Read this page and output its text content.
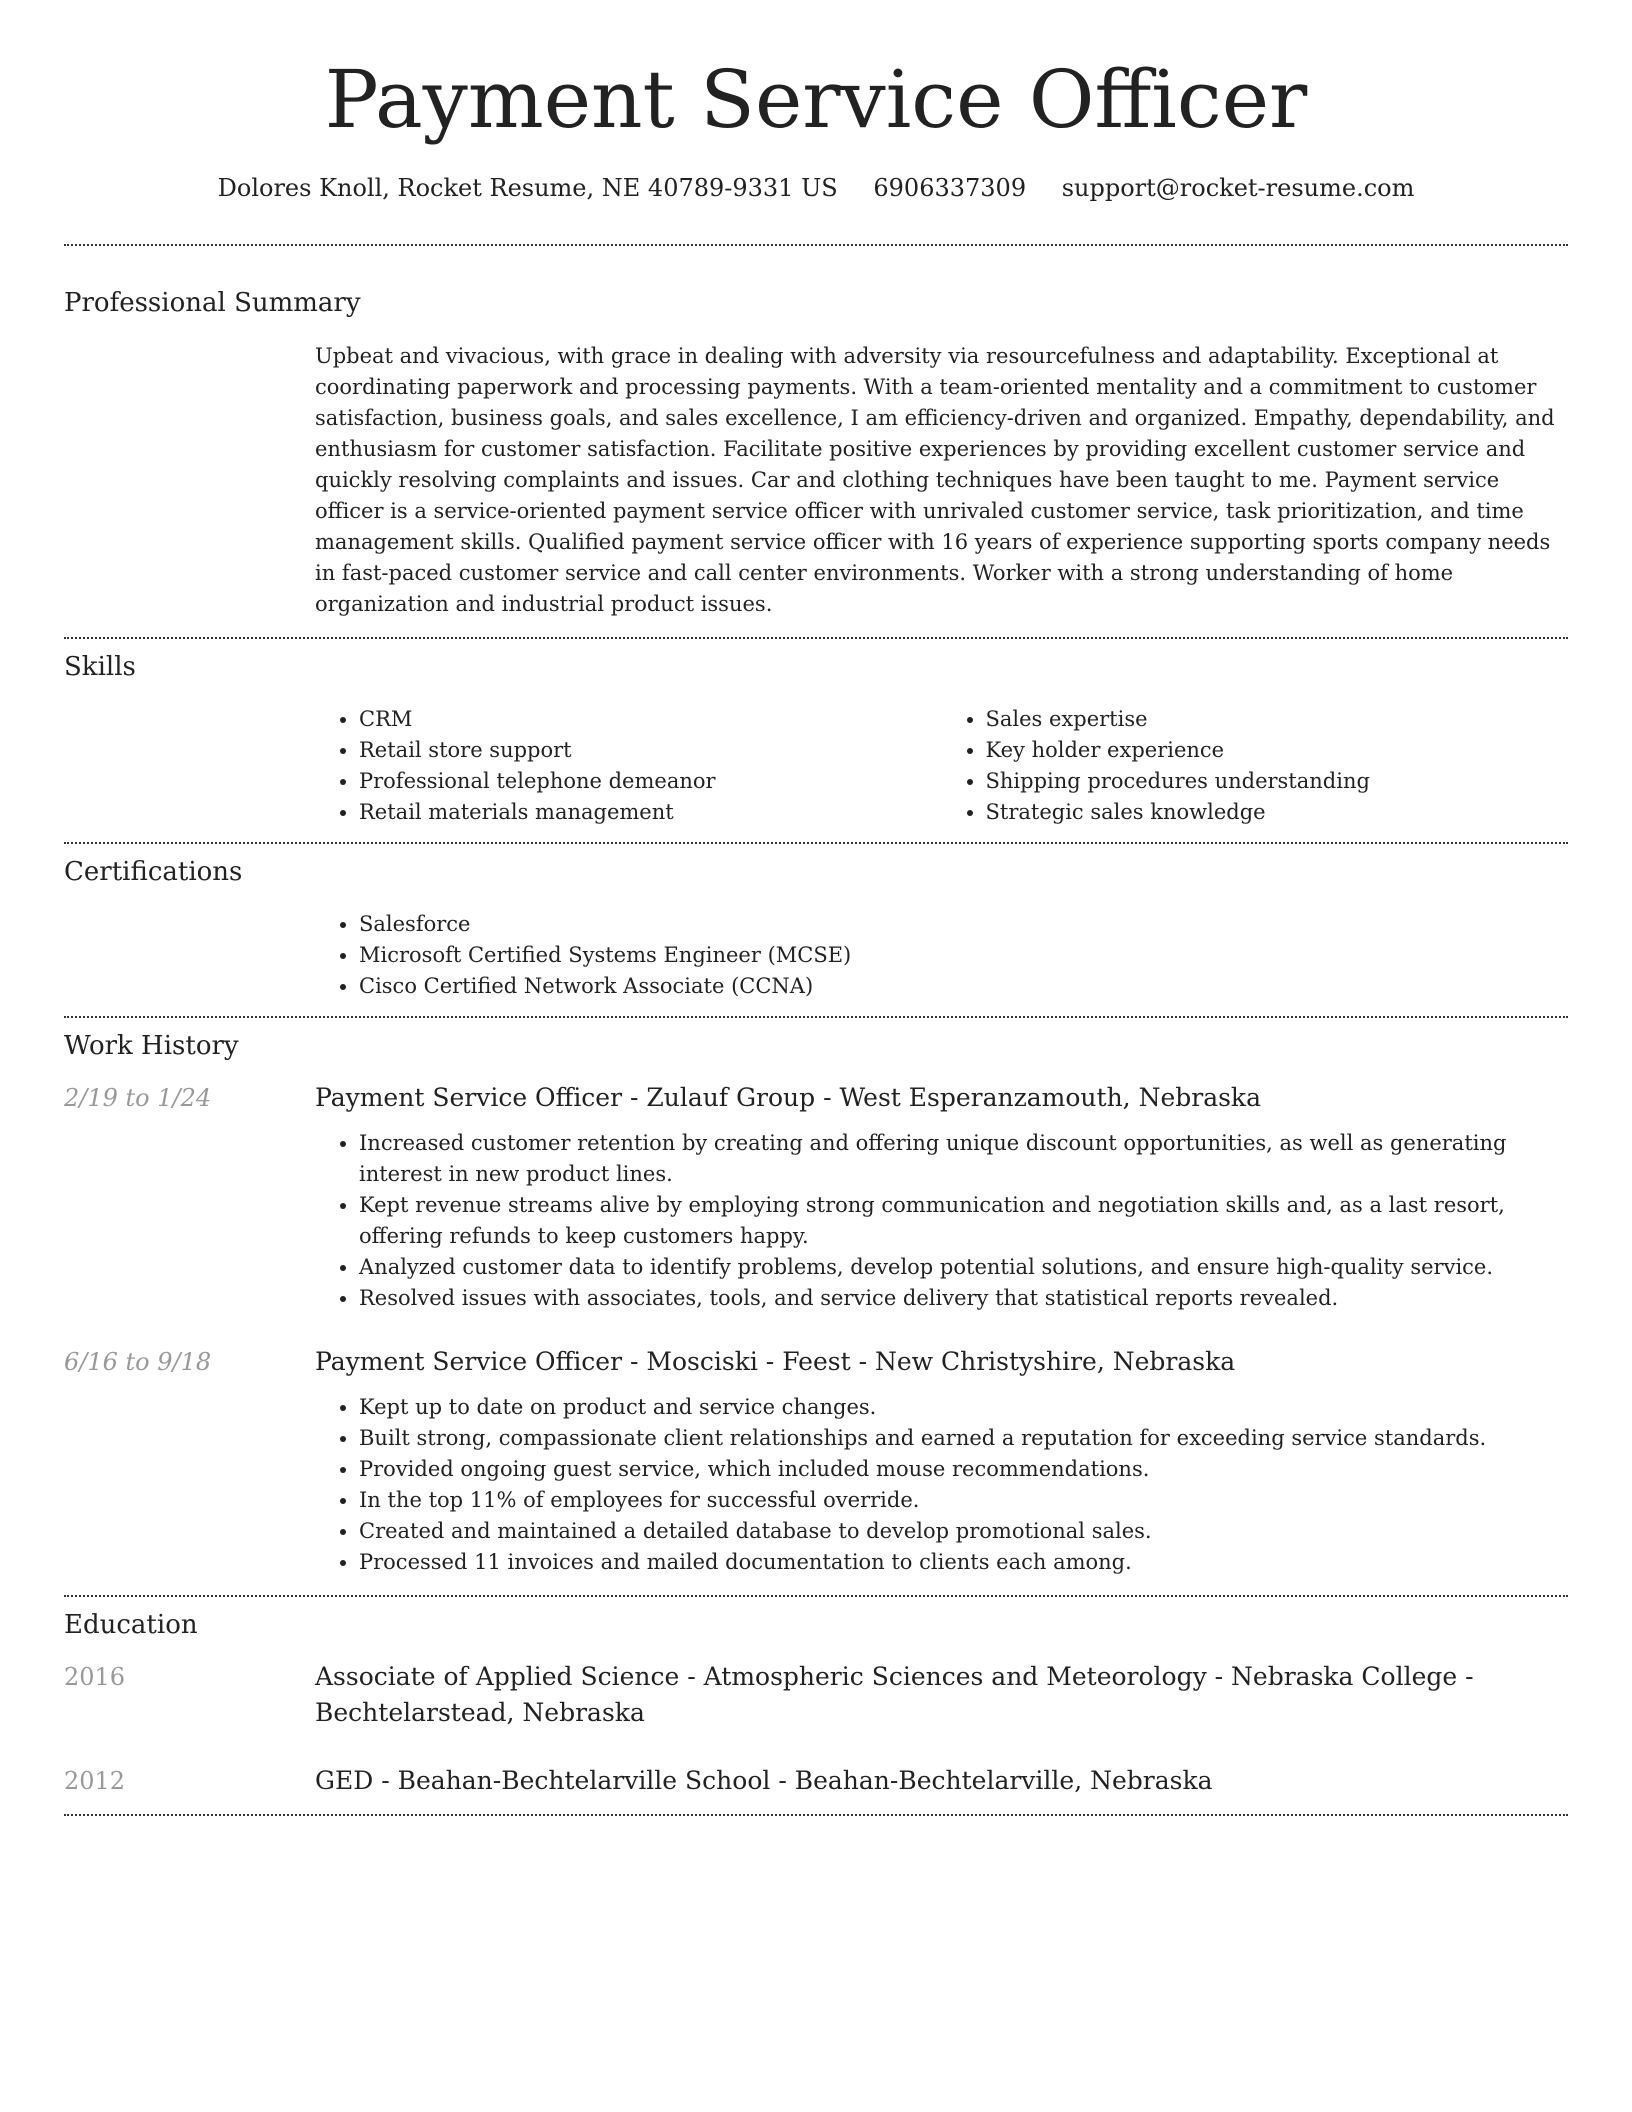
Payment Service Officer
Dolores Knoll, Rocket Resume, NE 40789-9331 US 6906337309 support@rocket-resume.com
Professional Summary

Upbeat and vivacious, with grace in dealing with adversity via resourcefulness and adaptability. Exceptional at coordinating paperwork and processing payments. With a team-oriented mentality and a commitment to customer satisfaction, business goals, and sales excellence, I am efficiency-driven and organized. Empathy, dependability, and enthusiasm for customer satisfaction. Facilitate positive experiences by providing excellent customer service and quickly resolving complaints and issues. Car and clothing techniques have been taught to me. Payment service officer is a service-oriented payment service officer with unrivaled customer service, task prioritization, and time management skills. Qualified payment service officer with 16 years of experience supporting sports company needs in fast-paced customer service and call center environments. Worker with a strong understanding of home organization and industrial product issues.

Skills
• CRM
• Retail store support
• Professional telephone demeanor
• Retail materials management
• Sales expertise
• Key holder experience
• Shipping procedures understanding
• Strategic sales knowledge
Certifications
• Salesforce
• Microsoft Certified Systems Engineer (MCSE)
• Cisco Certified Network Associate (CCNA)
Work History
2/19 to 1/24	Payment Service Officer - Zulauf Group - West Esperanzamouth, Nebraska
• Increased customer retention by creating and offering unique discount opportunities, as well as generating interest in new product lines.
• Kept revenue streams alive by employing strong communication and negotiation skills and, as a last resort, offering refunds to keep customers happy.
• Analyzed customer data to identify problems, develop potential solutions, and ensure high-quality service.
• Resolved issues with associates, tools, and service delivery that statistical reports revealed.
6/16 to 9/18	Payment Service Officer - Mosciski - Feest - New Christyshire, Nebraska
• Kept up to date on product and service changes.
• Built strong, compassionate client relationships and earned a reputation for exceeding service standards.
• Provided ongoing guest service, which included mouse recommendations.
• In the top 11% of employees for successful override.
• Created and maintained a detailed database to develop promotional sales.
• Processed 11 invoices and mailed documentation to clients each among.
Education
2016	Associate of Applied Science - Atmospheric Sciences and Meteorology - Nebraska College - Bechtelarstead, Nebraska
2012	GED - Beahan-Bechtelarville School - Beahan-Bechtelarville, Nebraska
